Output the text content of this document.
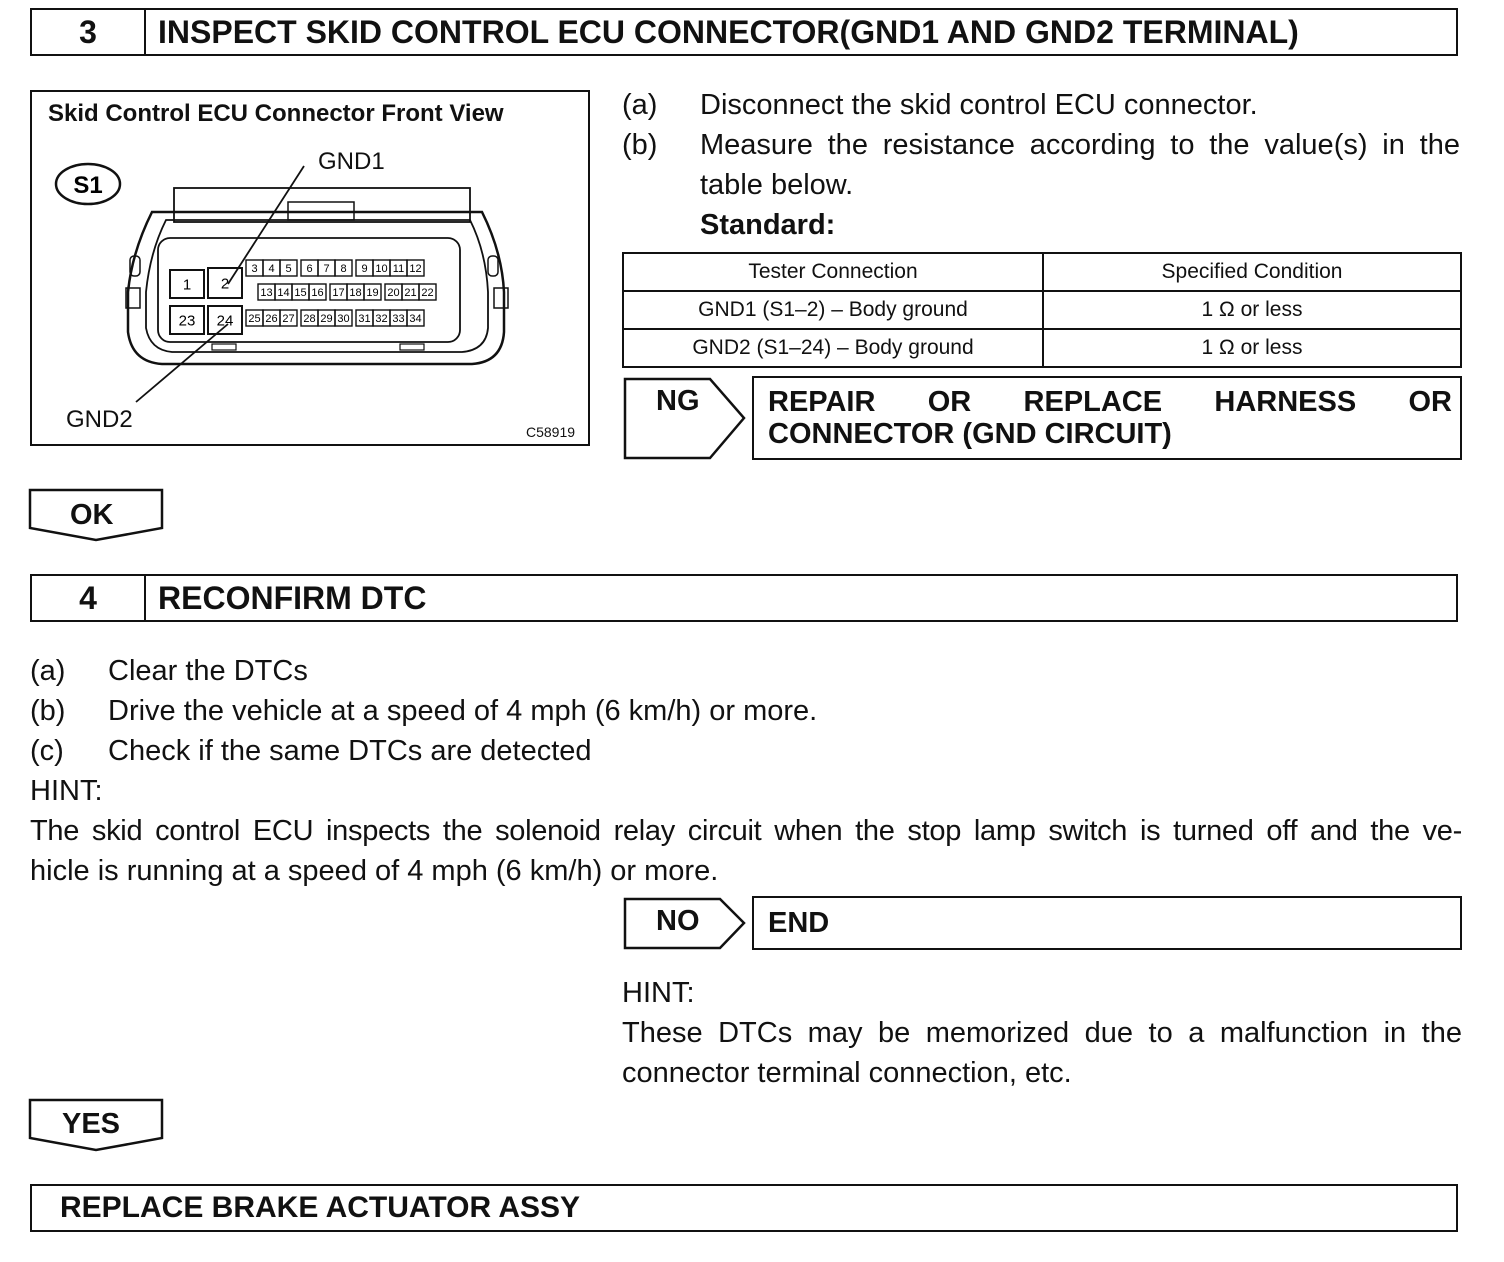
3	INSPECT SKID CONTROL ECU CONNECTOR(GND1 AND GND2 TERMINAL)
Skid Control ECU Connector Front View
S1
1 2
3 4 5 6 7 8 9 10 11 12
13 14 15 16 17 18 19 20 21 22
23 24 25 26 27 28 29 30 31 32 33 34
GND1
GND2	C58919
(a) Disconnect the skid control ECU connector.
(b) Measure the resistance according to the value(s) in the
table below.
Standard:
Tester Connection	Specified Condition
GND1 (S1–2) – Body ground	1 Ω or less
GND2 (S1–24) – Body ground	1 Ω or less
NG REPAIR OR REPLACE HARNESS OR
CONNECTOR (GND CIRCUIT)
OK
4	RECONFIRM DTC
(a) Clear the DTCs
(b) Drive the vehicle at a speed of 4 mph (6 km/h) or more.
(c) Check if the same DTCs are detected
HINT:
The skid control ECU inspects the solenoid relay circuit when the stop lamp switch is turned off and the ve-
hicle is running at a speed of 4 mph (6 km/h) or more.
NO END
HINT:
These DTCs may be memorized due to a malfunction in the
connector terminal connection, etc.
YES
REPLACE BRAKE ACTUATOR ASSY
